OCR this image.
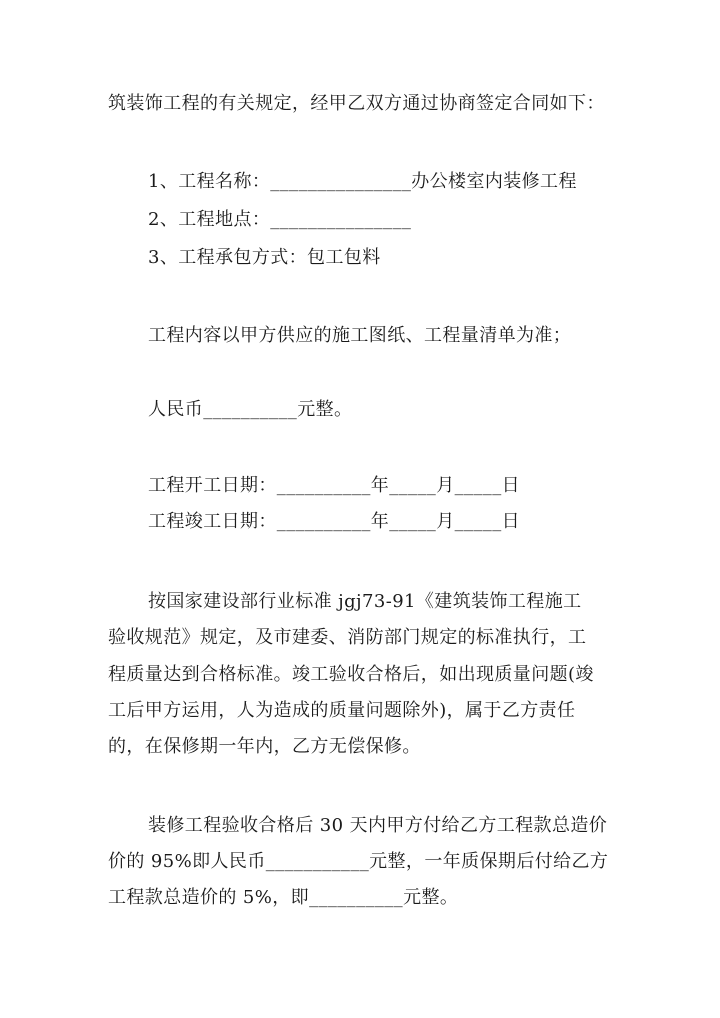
筑装饰工程的有关规定，经甲乙双方通过协商签定合同如下：
1、工程名称：_______________办公楼室内装修工程
2、工程地点：_______________
3、工程承包方式：包工包料
工程内容以甲方供应的施工图纸、工程量清单为准；
人民币__________元整。
工程开工日期：__________年_____月_____日
工程竣工日期：__________年_____月_____日
按国家建设部行业标准 jgj73-91《建筑装饰工程施工
验收规范》规定，及市建委、消防部门规定的标准执行，工
程质量达到合格标准。竣工验收合格后，如出现质量问题(竣
工后甲方运用，人为造成的质量问题除外)，属于乙方责任
的，在保修期一年内，乙方无偿保修。
装修工程验收合格后 30 天内甲方付给乙方工程款总造价
价的 95%即人民币___________元整，一年质保期后付给乙方
工程款总造价的 5%，即__________元整。
